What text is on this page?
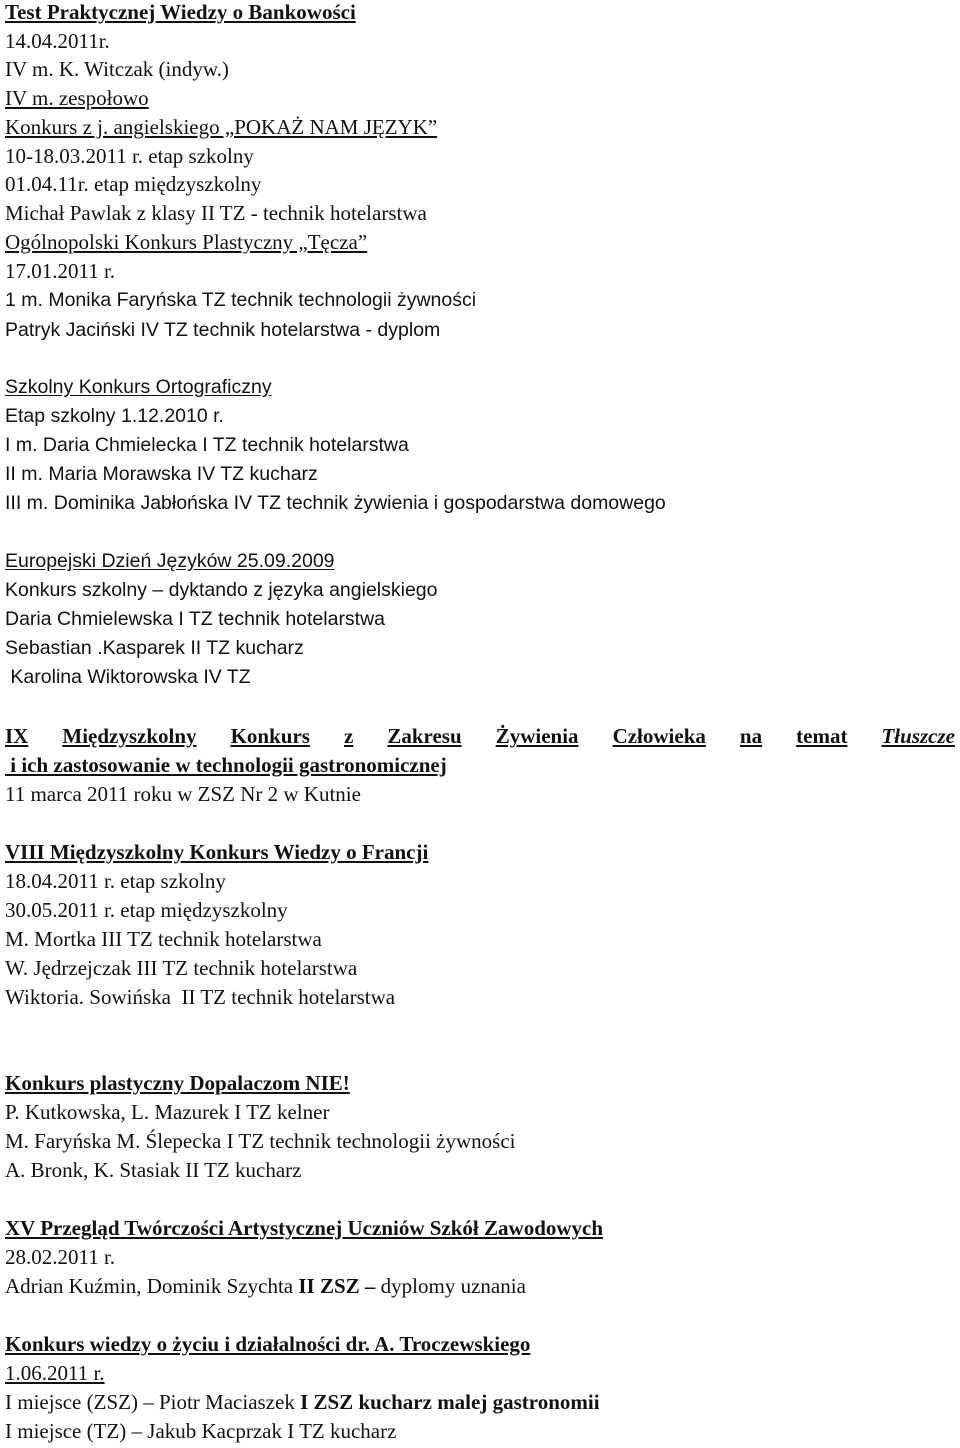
Test Praktycznej Wiedzy o Bankowości
14.04.2011r.
IV m. K. Witczak (indyw.)
IV m. zespołowo
Konkurs z j. angielskiego „POKAŻ NAM JĘZYK”
10-18.03.2011 r. etap szkolny
01.04.11r. etap międzyszkolny
Michał Pawlak z klasy II TZ - technik hotelarstwa
Ogólnopolski Konkurs Plastyczny „Tęcza”
17.01.2011 r.
1 m. Monika Faryńska TZ technik technologii żywności
Patryk Jaciński IV TZ technik hotelarstwa - dyplom
Szkolny Konkurs Ortograficzny
Etap szkolny 1.12.2010 r.
I m. Daria Chmielecka I TZ technik hotelarstwa
II m. Maria Morawska IV TZ kucharz
III m. Dominika Jabłońska IV TZ technik żywienia i gospodarstwa domowego
Europejski Dzień Języków 25.09.2009
Konkurs szkolny – dyktando z języka angielskiego
Daria Chmielewska I TZ technik hotelarstwa
Sebastian .Kasparek II TZ kucharz
Karolina Wiktorowska IV TZ
IX Międzyszkolny Konkurs z Zakresu Żywienia Człowieka na temat Tłuszcze
i ich zastosowanie w technologii gastronomicznej
11 marca 2011 roku w ZSZ Nr 2 w Kutnie
VIII Międzyszkolny Konkurs Wiedzy o Francji
18.04.2011 r. etap szkolny
30.05.2011 r. etap międzyszkolny
M. Mortka III TZ technik hotelarstwa
W. Jędrzejczak III TZ technik hotelarstwa
Wiktoria. Sowińska  II TZ technik hotelarstwa
Konkurs plastyczny Dopalaczom NIE!
P. Kutkowska, L. Mazurek I TZ kelner
M. Faryńska M. Ślepecka I TZ technik technologii żywności
A. Bronk, K. Stasiak II TZ kucharz
XV Przegląd Twórczości Artystycznej Uczniów Szkół Zawodowych
28.02.2011 r.
Adrian Kuźmin, Dominik Szychta II ZSZ – dyplomy uznania
Konkurs wiedzy o życiu i działalności dr. A. Troczewskiego
1.06.2011 r.
I miejsce (ZSZ) – Piotr Maciaszek I ZSZ kucharz malej gastronomii
I miejsce (TZ) – Jakub Kacprzak I TZ kucharz
